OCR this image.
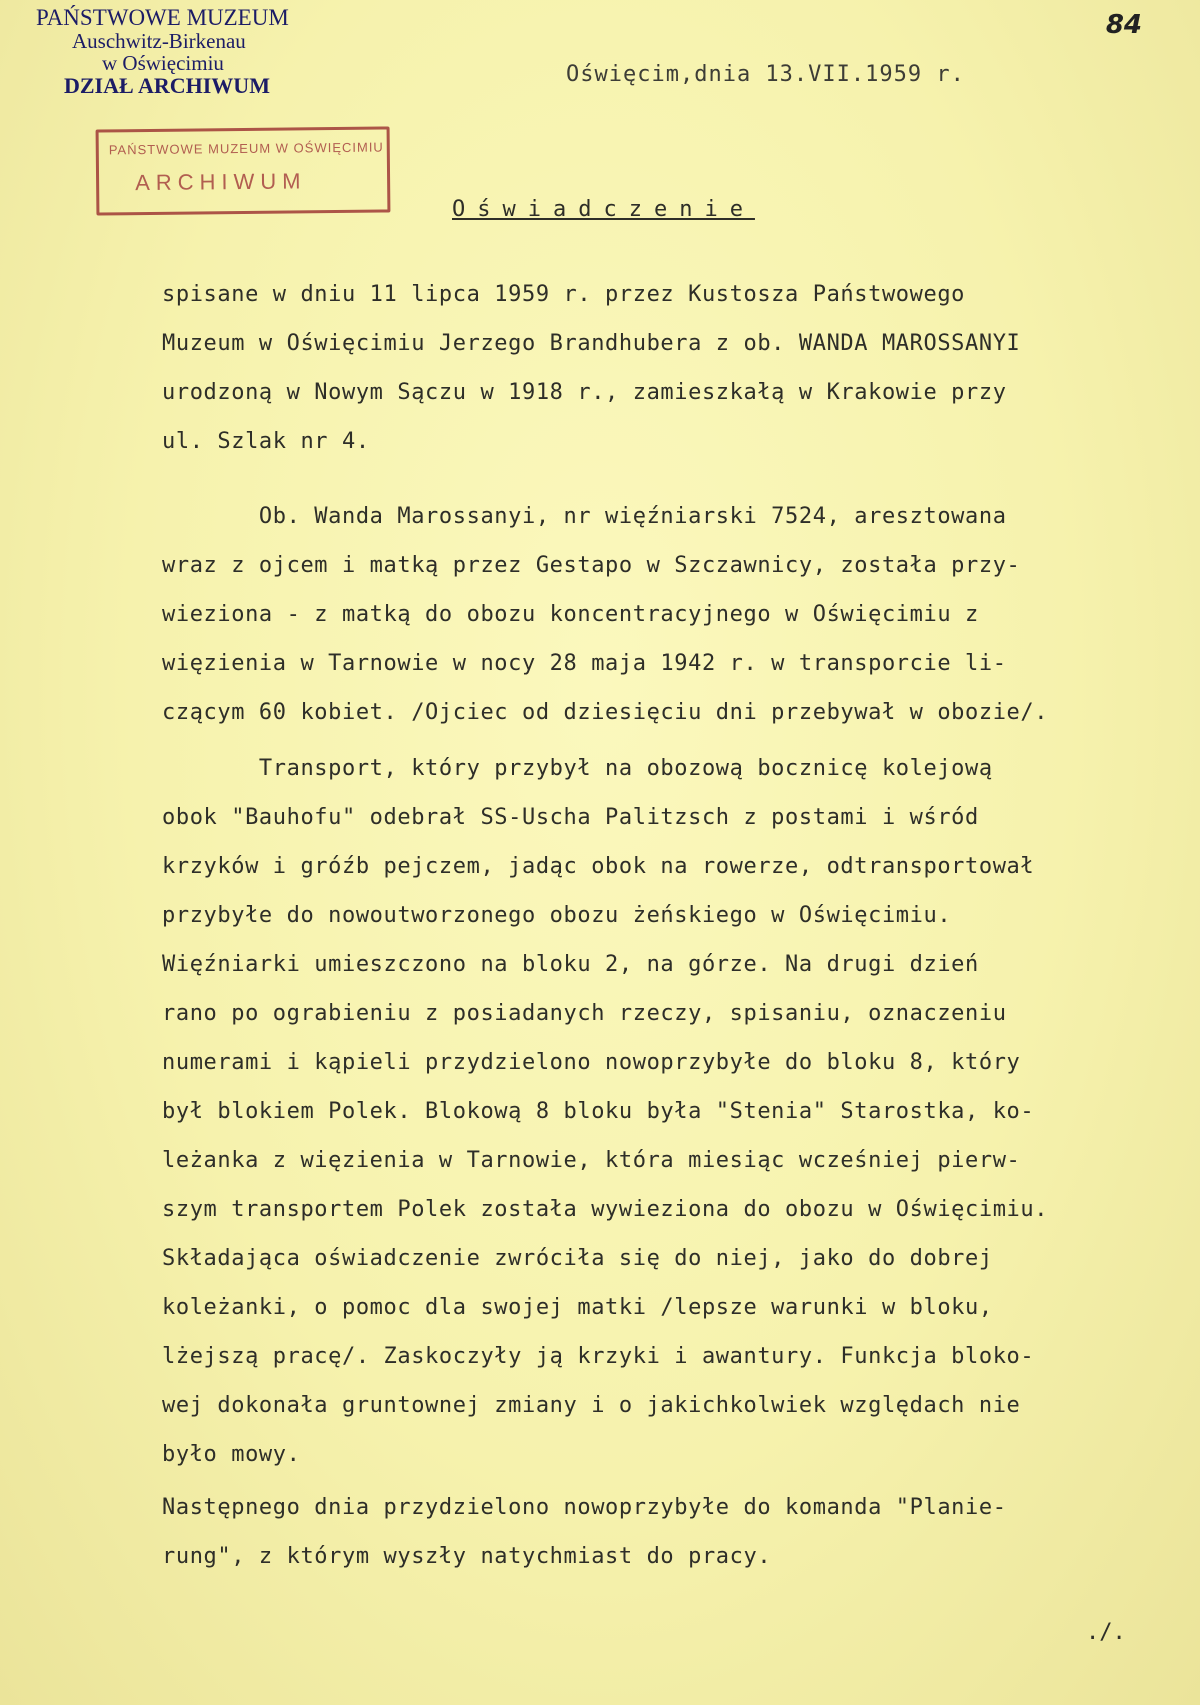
PAŃSTWOWE MUZEUM
Auschwitz-Birkenau
w Oświęcimiu
DZIAŁ ARCHIWUM
84
PAŃSTWOWE MUZEUM W OŚWIĘCIMIU
ARCHIWUM
Oświęcim,dnia 13.VII.1959 r.
Oświadczenie
spisane w dniu 11 lipca 1959 r. przez Kustosza Państwowego
Muzeum w Oświęcimiu Jerzego Brandhubera z ob. WANDA MAROSSANYI
urodzoną w Nowym Sączu w 1918 r., zamieszkałą w Krakowie przy
ul. Szlak nr 4.
Ob. Wanda Marossanyi, nr więźniarski 7524, aresztowana
wraz z ojcem i matką przez Gestapo w Szczawnicy, została przy-
wieziona - z matką do obozu koncentracyjnego w Oświęcimiu z
więzienia w Tarnowie w nocy 28 maja 1942 r. w transporcie li-
czącym 60 kobiet. /Ojciec od dziesięciu dni przebywał w obozie/.
Transport, który przybył na obozową bocznicę kolejową
obok "Bauhofu" odebrał SS-Uscha Palitzsch z postami i wśród
krzyków i gróźb pejczem, jadąc obok na rowerze, odtransportował
przybyłe do nowoutworzonego obozu żeńskiego w Oświęcimiu.
Więźniarki umieszczono na bloku 2, na górze. Na drugi dzień
rano po ograbieniu z posiadanych rzeczy, spisaniu, oznaczeniu
numerami i kąpieli przydzielono nowoprzybyłe do bloku 8, który
był blokiem Polek. Blokową 8 bloku była "Stenia" Starostka, ko-
leżanka z więzienia w Tarnowie, która miesiąc wcześniej pierw-
szym transportem Polek została wywieziona do obozu w Oświęcimiu.
Składająca oświadczenie zwróciła się do niej, jako do dobrej
koleżanki, o pomoc dla swojej matki /lepsze warunki w bloku,
lżejszą pracę/. Zaskoczyły ją krzyki i awantury. Funkcja bloko-
wej dokonała gruntownej zmiany i o jakichkolwiek względach nie
było mowy.
Następnego dnia przydzielono nowoprzybyłe do komanda "Planie-
rung", z którym wyszły natychmiast do pracy.
./.
